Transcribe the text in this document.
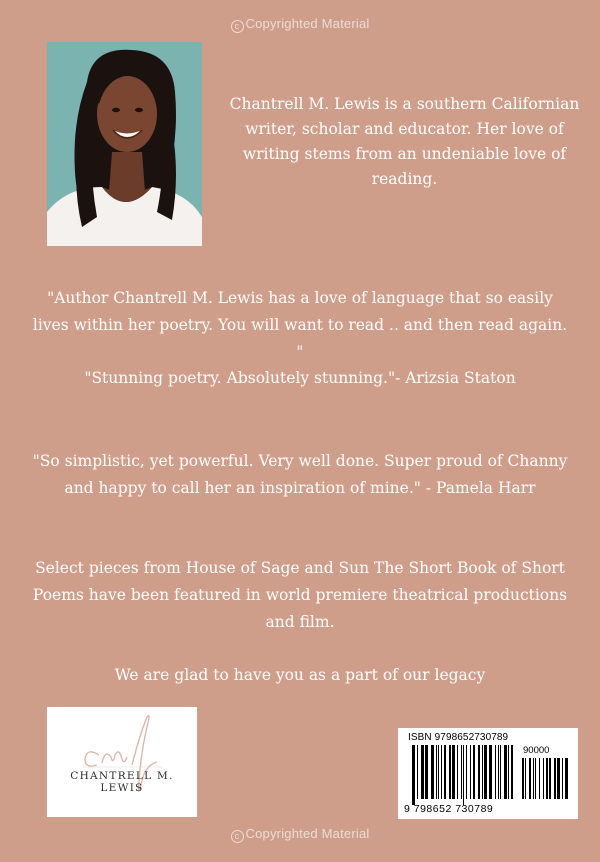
c Copyrighted Material
Chantrell M. Lewis is a southern Californian writer, scholar and educator. Her love of writing stems from an undeniable love of reading.
"Author Chantrell M. Lewis has a love of language that so easily lives within her poetry. You will want to read .. and then read again. "
"Stunning poetry. Absolutely stunning."- Arizsia Staton
"So simplistic, yet powerful. Very well done. Super proud of Channy and happy to call her an inspiration of mine." - Pamela Harr
Select pieces from House of Sage and Sun The Short Book of Short Poems have been featured in world premiere theatrical productions and film.
We are glad to have you as a part of our legacy
CHANTRELL M. LEWIS
ISBN 9798652730789
90000
9 798652 730789
c Copyrighted Material
